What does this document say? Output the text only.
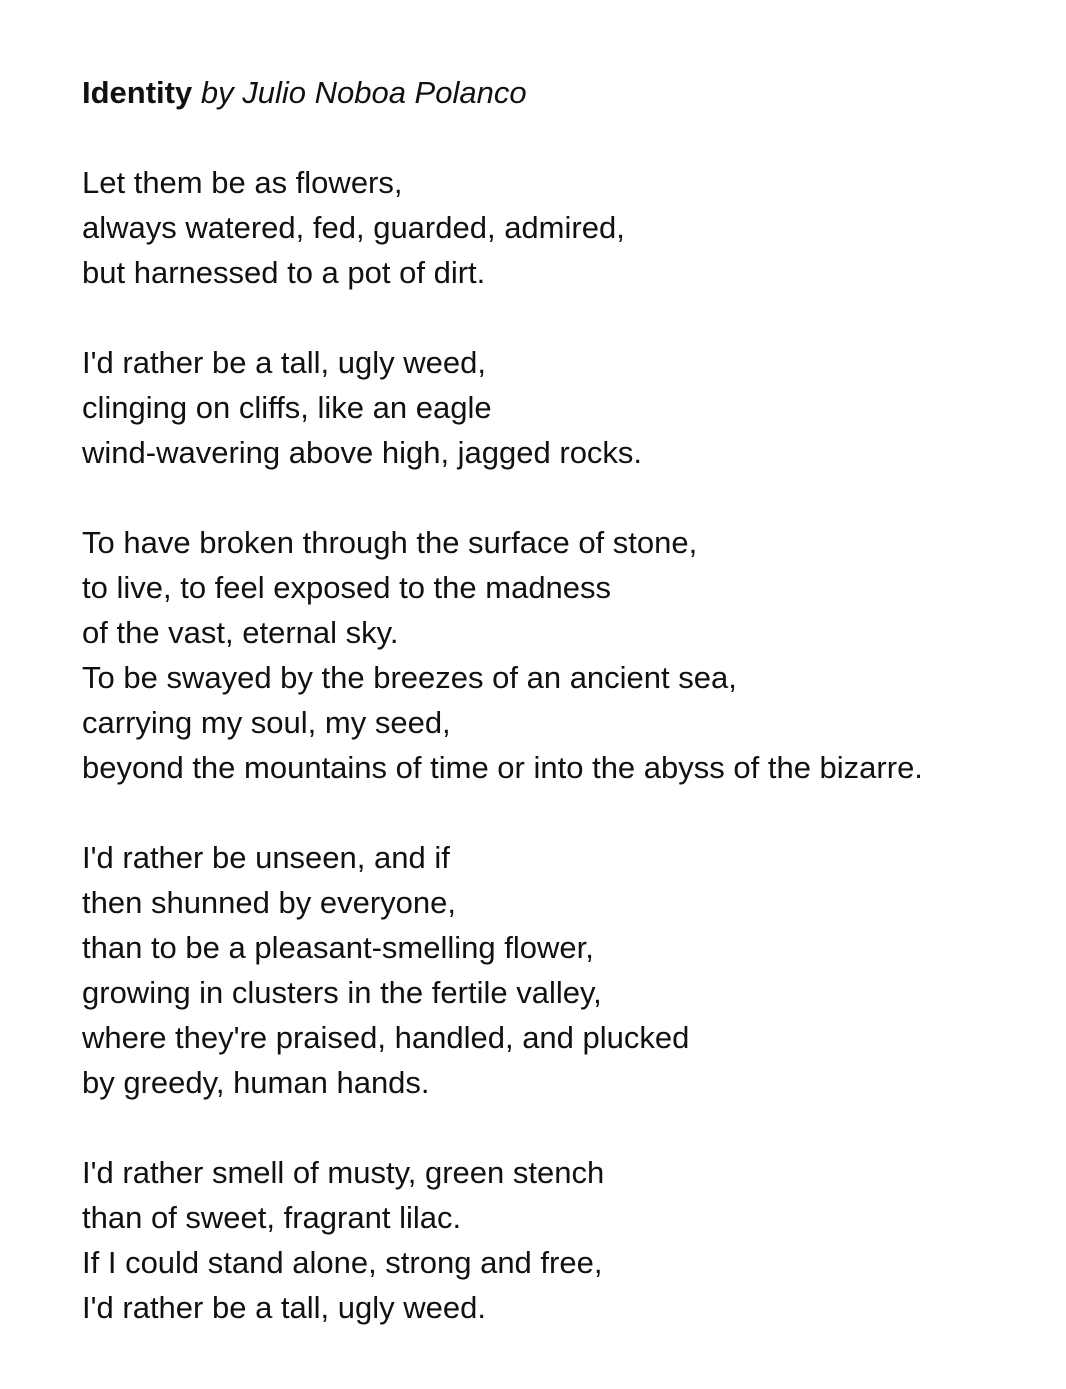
Identity by Julio Noboa Polanco
Let them be as flowers,
always watered, fed, guarded, admired,
but harnessed to a pot of dirt.
I'd rather be a tall, ugly weed,
clinging on cliffs, like an eagle
wind-wavering above high, jagged rocks.
To have broken through the surface of stone,
to live, to feel exposed to the madness
of the vast, eternal sky.
To be swayed by the breezes of an ancient sea,
carrying my soul, my seed,
beyond the mountains of time or into the abyss of the bizarre.
I'd rather be unseen, and if
then shunned by everyone,
than to be a pleasant-smelling flower,
growing in clusters in the fertile valley,
where they're praised, handled, and plucked
by greedy, human hands.
I'd rather smell of musty, green stench
than of sweet, fragrant lilac.
If I could stand alone, strong and free,
I'd rather be a tall, ugly weed.
